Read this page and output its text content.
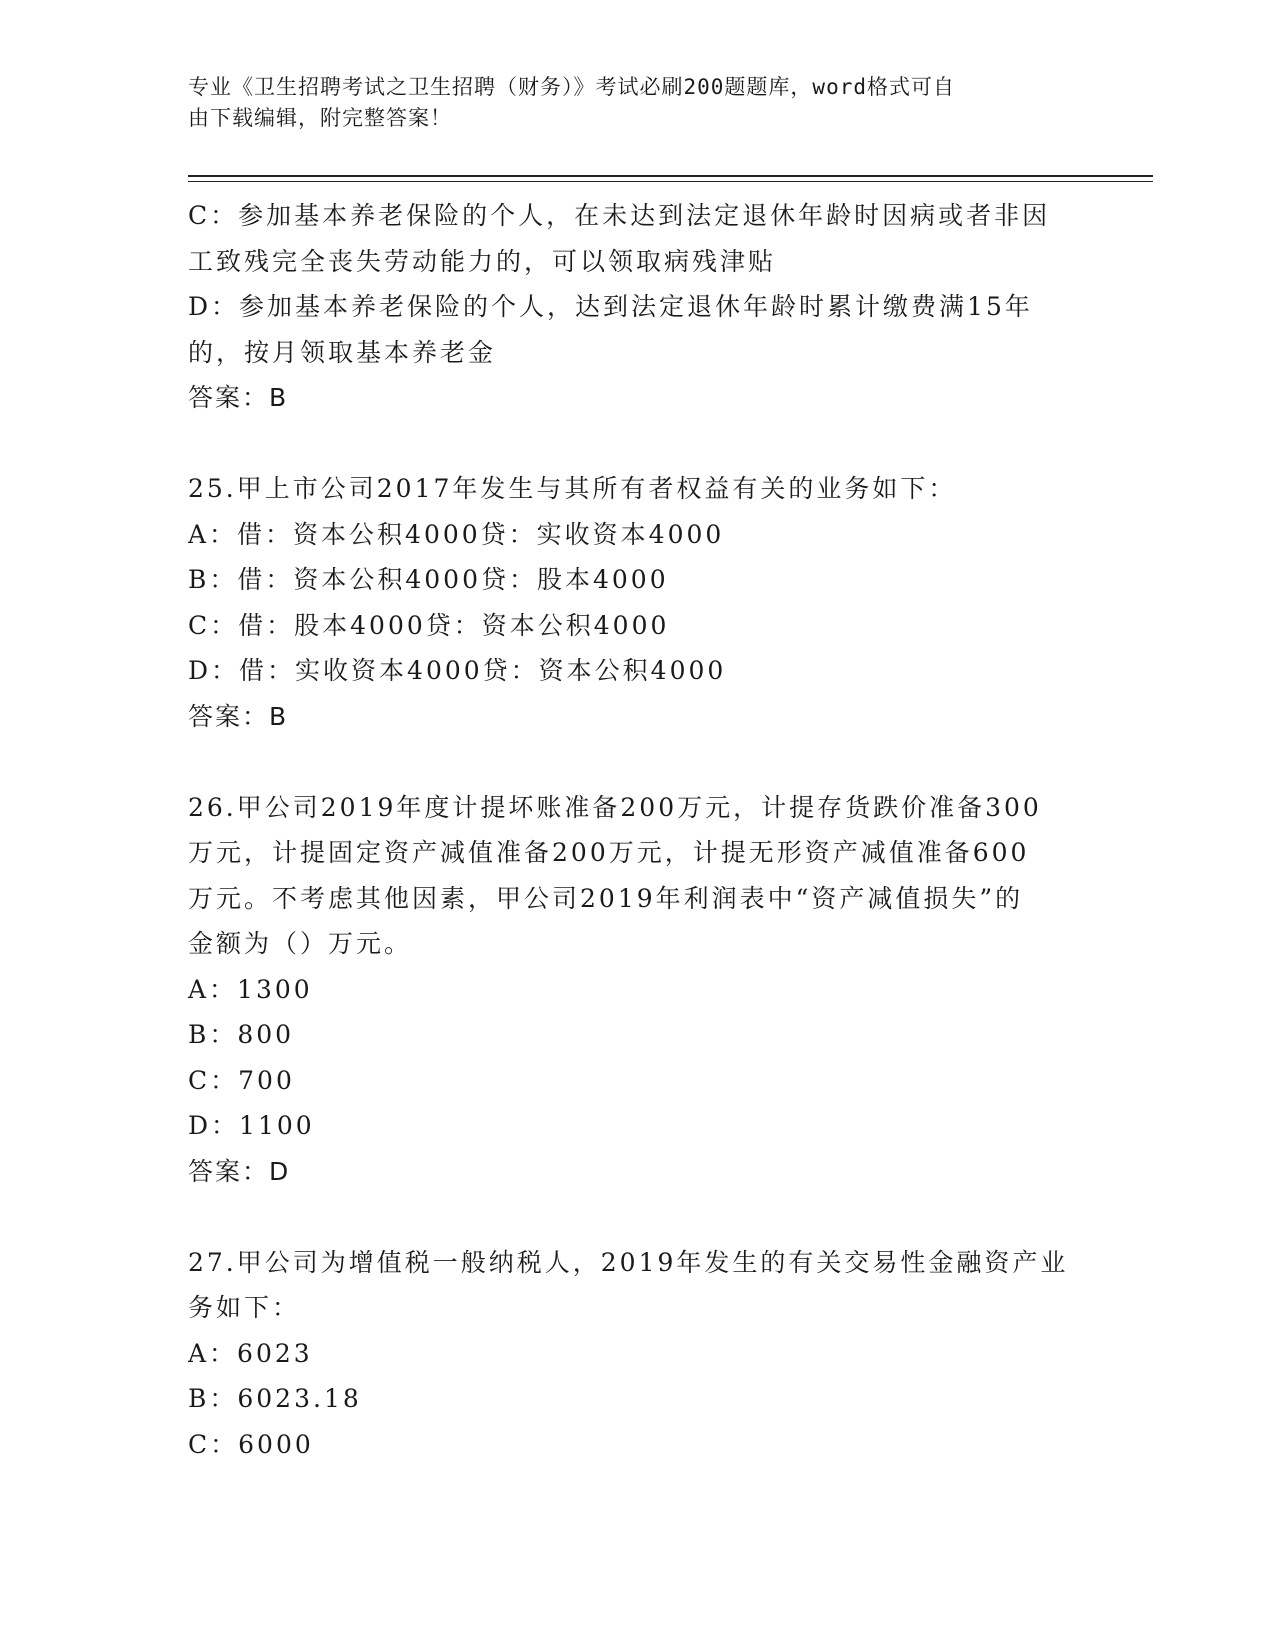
专业《卫生招聘考试之卫生招聘（财务）》考试必刷200题题库，word格式可自
由下载编辑，附完整答案！
C：参加基本养老保险的个人，在未达到法定退休年龄时因病或者非因
工致残完全丧失劳动能力的，可以领取病残津贴
D：参加基本养老保险的个人，达到法定退休年龄时累计缴费满15年
的，按月领取基本养老金
答案：B
25.甲上市公司2017年发生与其所有者权益有关的业务如下：
A：借：资本公积4000贷：实收资本4000
B：借：资本公积4000贷：股本4000
C：借：股本4000贷：资本公积4000
D：借：实收资本4000贷：资本公积4000
答案：B
26.甲公司2019年度计提坏账准备200万元，计提存货跌价准备300
万元，计提固定资产减值准备200万元，计提无形资产减值准备600
万元。不考虑其他因素，甲公司2019年利润表中“资产减值损失”的
金额为（）万元。
A：1300
B：800
C：700
D：1100
答案：D
27.甲公司为增值税一般纳税人，2019年发生的有关交易性金融资产业
务如下：
A：6023
B：6023.18
C：6000
